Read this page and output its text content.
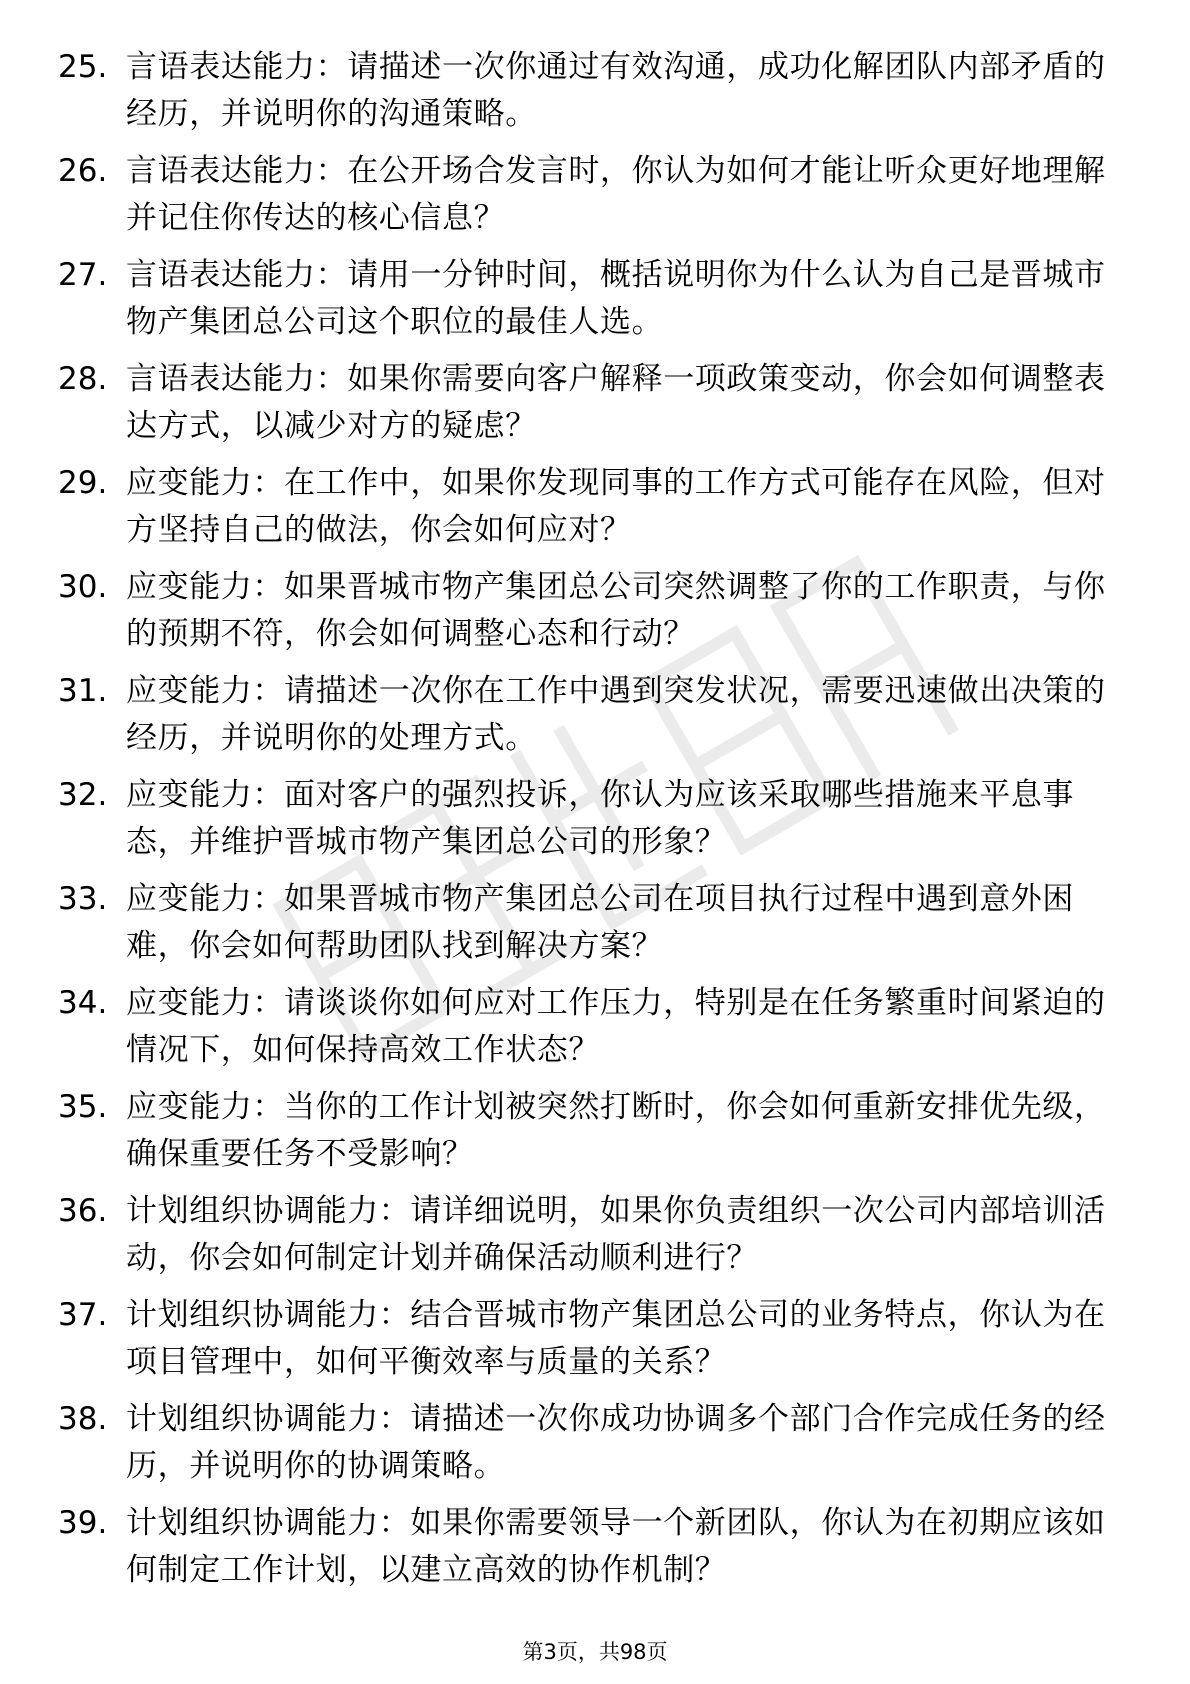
25. 言语表达能力：请描述一次你通过有效沟通，成功化解团队内部矛盾的经历，并说明你的沟通策略。
26. 言语表达能力：在公开场合发言时，你认为如何才能让听众更好地理解并记住你传达的核心信息？
27. 言语表达能力：请用一分钟时间，概括说明你为什么认为自己是晋城市物产集团总公司这个职位的最佳人选。
28. 言语表达能力：如果你需要向客户解释一项政策变动，你会如何调整表达方式，以减少对方的疑虑？
29. 应变能力：在工作中，如果你发现同事的工作方式可能存在风险，但对方坚持自己的做法，你会如何应对？
30. 应变能力：如果晋城市物产集团总公司突然调整了你的工作职责，与你的预期不符，你会如何调整心态和行动？
31. 应变能力：请描述一次你在工作中遇到突发状况，需要迅速做出决策的经历，并说明你的处理方式。
32. 应变能力：面对客户的强烈投诉，你认为应该采取哪些措施来平息事态，并维护晋城市物产集团总公司的形象？
33. 应变能力：如果晋城市物产集团总公司在项目执行过程中遇到意外困难，你会如何帮助团队找到解决方案？
34. 应变能力：请谈谈你如何应对工作压力，特别是在任务繁重时间紧迫的情况下，如何保持高效工作状态？
35. 应变能力：当你的工作计划被突然打断时，你会如何重新安排优先级，确保重要任务不受影响？
36. 计划组织协调能力：请详细说明，如果你负责组织一次公司内部培训活动，你会如何制定计划并确保活动顺利进行？
37. 计划组织协调能力：结合晋城市物产集团总公司的业务特点，你认为在项目管理中，如何平衡效率与质量的关系？
38. 计划组织协调能力：请描述一次你成功协调多个部门合作完成任务的经历，并说明你的协调策略。
39. 计划组织协调能力：如果你需要领导一个新团队，你认为在初期应该如何制定工作计划，以建立高效的协作机制？
第3页，共98页
